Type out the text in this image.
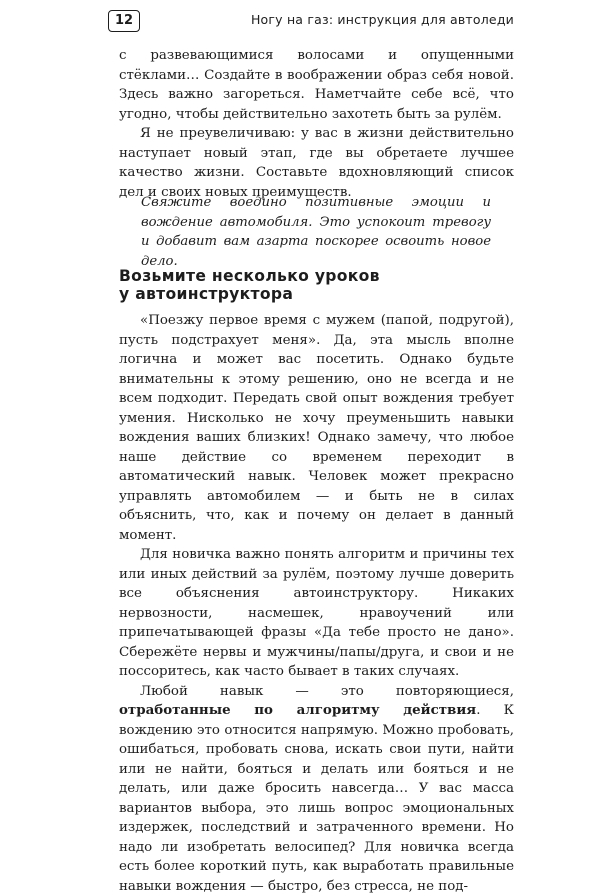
12	Ногу на газ: инструкция для автоледи

с развевающимися волосами и опущенными стёклами… Создайте в воображении образ себя новой. Здесь важно загореться. Наметчайте себе всё, что угодно, чтобы действительно захотеть быть за рулём.

Я не преувеличиваю: у вас в жизни действительно наступает новый этап, где вы обретаете лучшее качество жизни. Составьте вдохновляющий список дел и своих новых преимуществ.

Свяжите воедино позитивные эмоции и вождение автомобиля. Это успокоит тревогу и добавит вам азарта поскорее освоить новое дело.
Возьмите несколько уроков
у автоинструктора

«Поезжу первое время с мужем (папой, подругой), пусть подстрахует меня». Да, эта мысль вполне логична и может вас посетить. Однако будьте внимательны к этому решению, оно не всегда и не всем подходит. Передать свой опыт вождения требует умения. Нисколько не хочу преуменьшить навыки вождения ваших близких! Однако замечу, что любое наше действие со временем переходит в автоматический навык. Человек может прекрасно управлять автомобилем — и быть не в силах объяснить, что, как и почему он делает в данный момент.

Для новичка важно понять алгоритм и причины тех или иных действий за рулём, поэтому лучше доверить все объяснения автоинструктору. Никаких нервозности, насмешек, нравоучений или припечатывающей фразы «Да тебе просто не дано». Сбережёте нервы и мужчины/папы/друга, и свои и не поссоритесь, как часто бывает в таких случаях.

Любой навык — это повторяющиеся, отработанные по алгоритму действия. К вождению это относится напрямую. Можно пробовать, ошибаться, пробовать снова, искать свои пути, найти или не найти, бояться и делать или бояться и не делать, или даже бросить навсегда… У вас масса вариантов выбора, это лишь вопрос эмоциональных издержек, последствий и затраченного времени. Но надо ли изобретать велосипед? Для новичка всегда есть более короткий путь, как выработать правильные навыки вождения — быстро, без стресса, не под-
